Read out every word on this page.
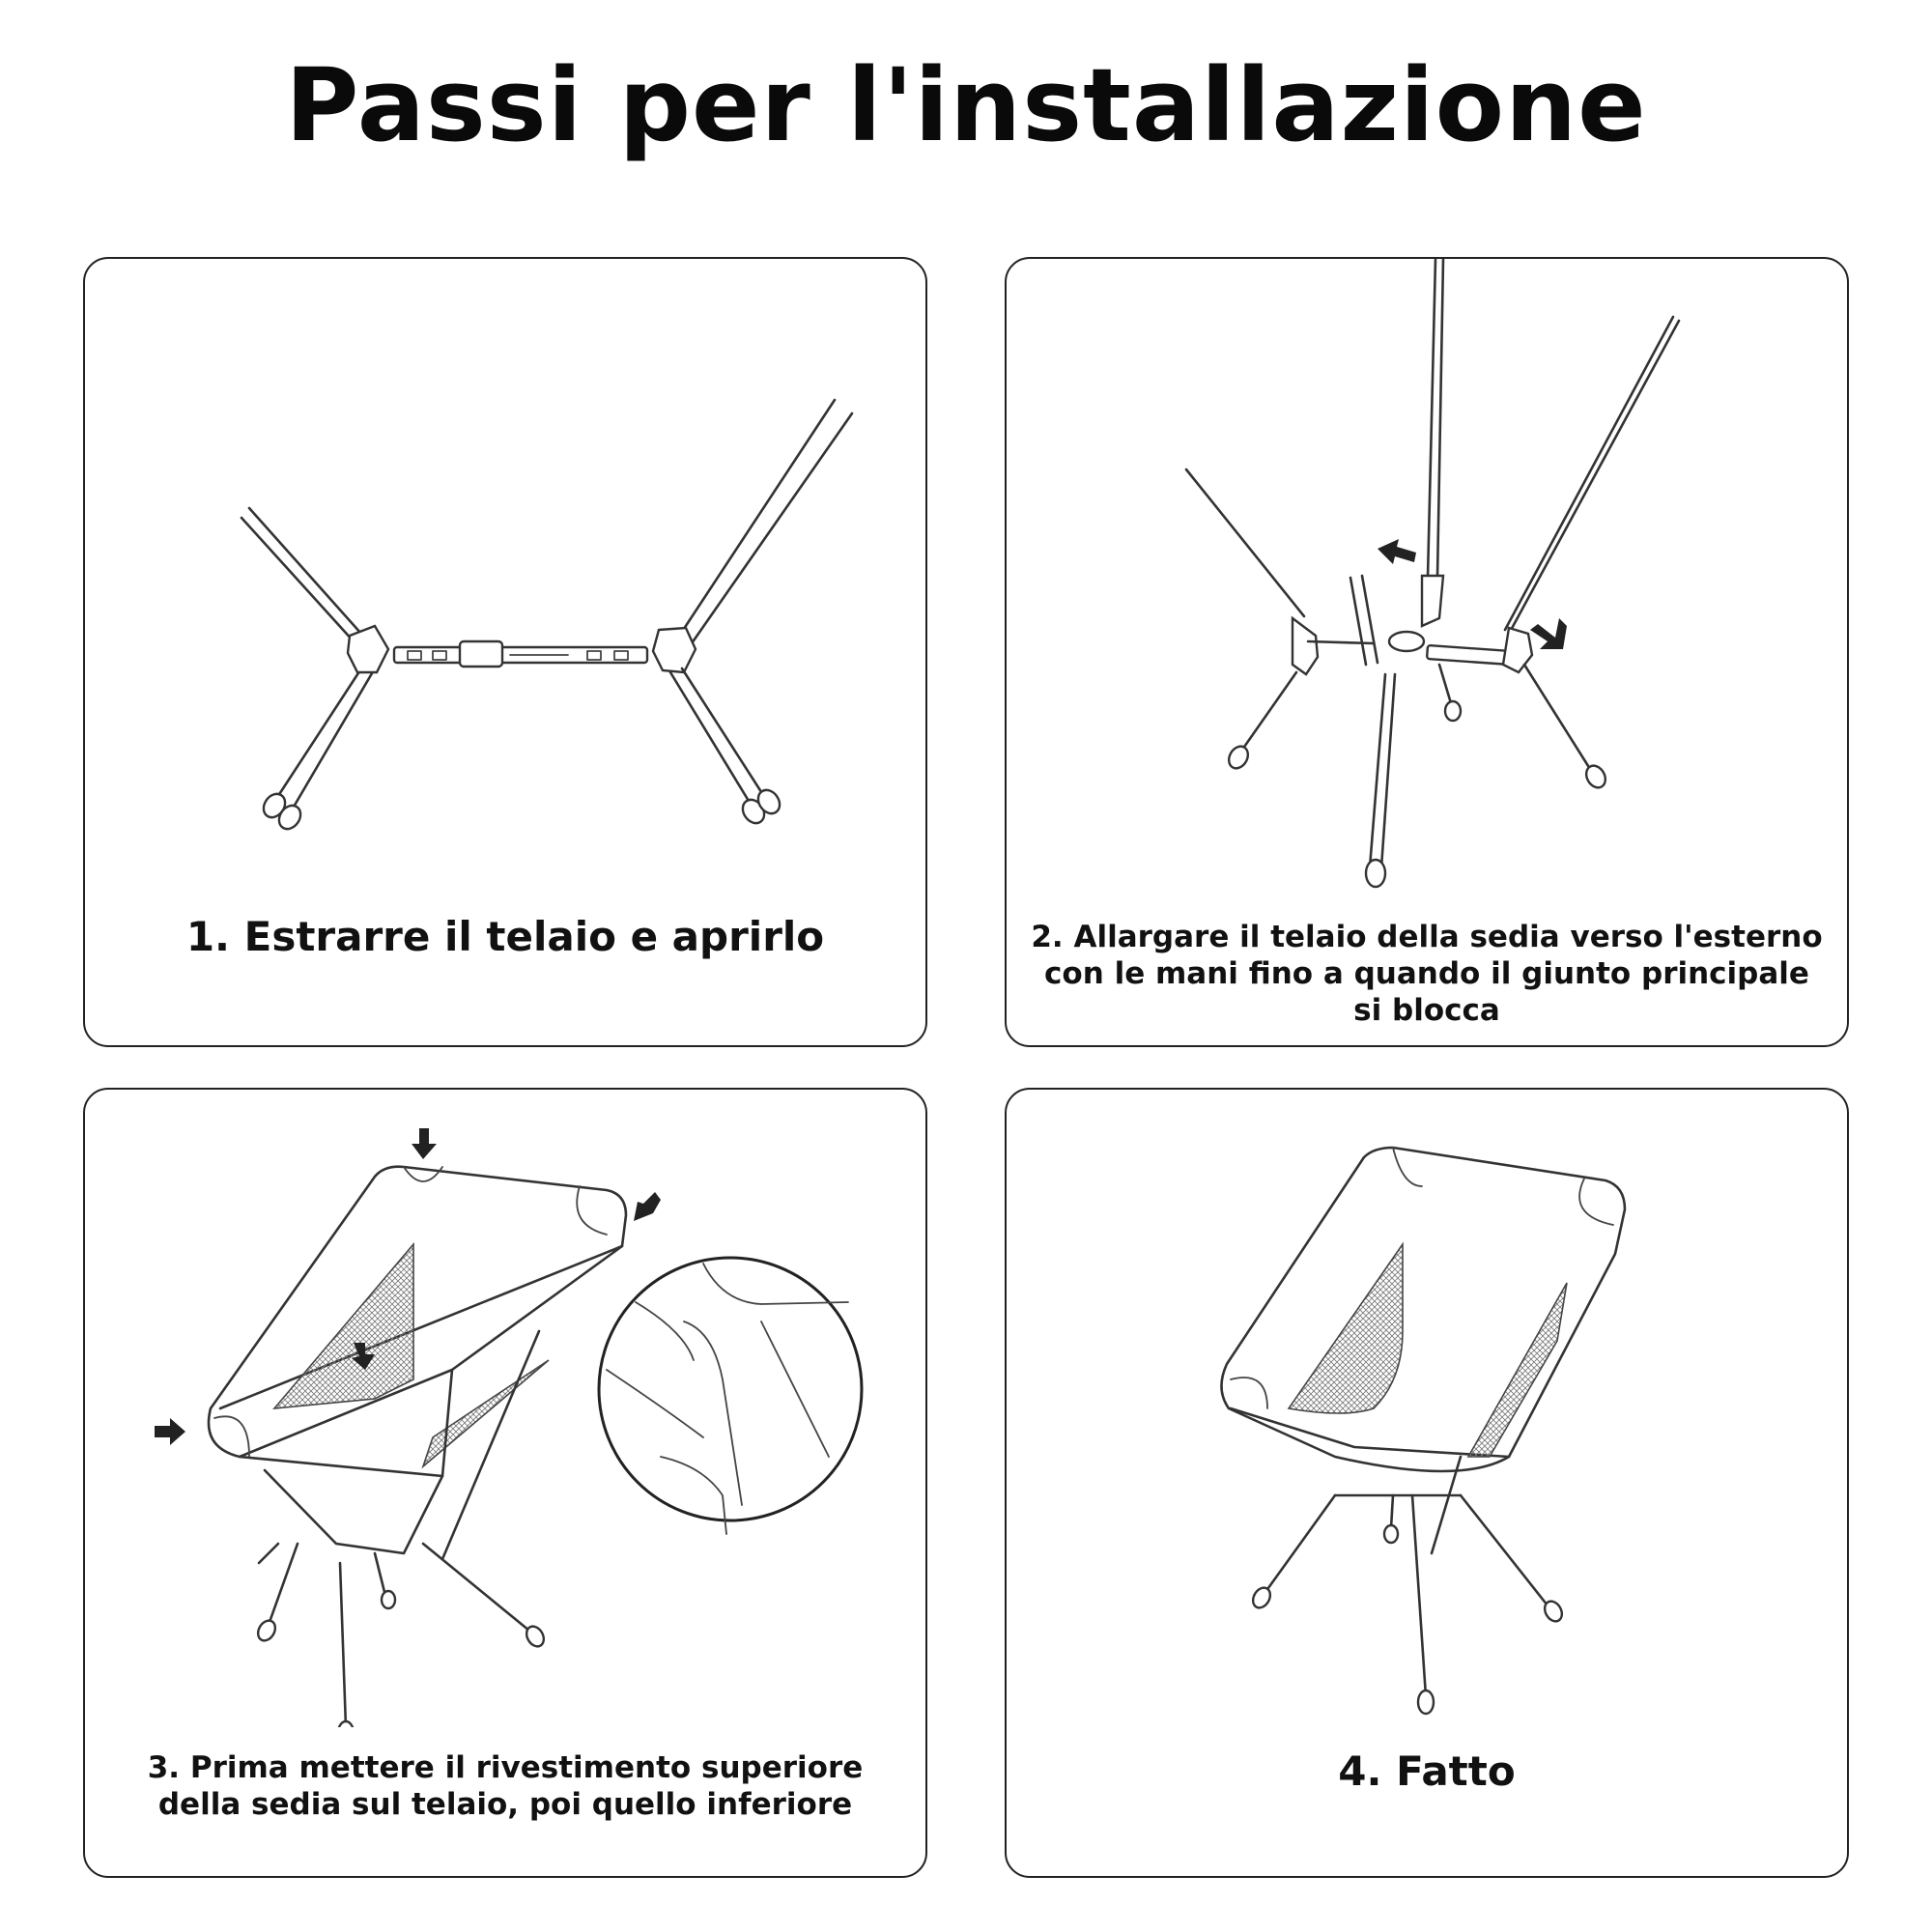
Passi per l'installazione
1. Estrarre il telaio e aprirlo	2. Allargare il telaio della sedia verso l'esterno con le mani fino a quando il giunto principale si blocca
3. Prima mettere il rivestimento superiore della sedia sul telaio, poi quello inferiore
4. Fatto
